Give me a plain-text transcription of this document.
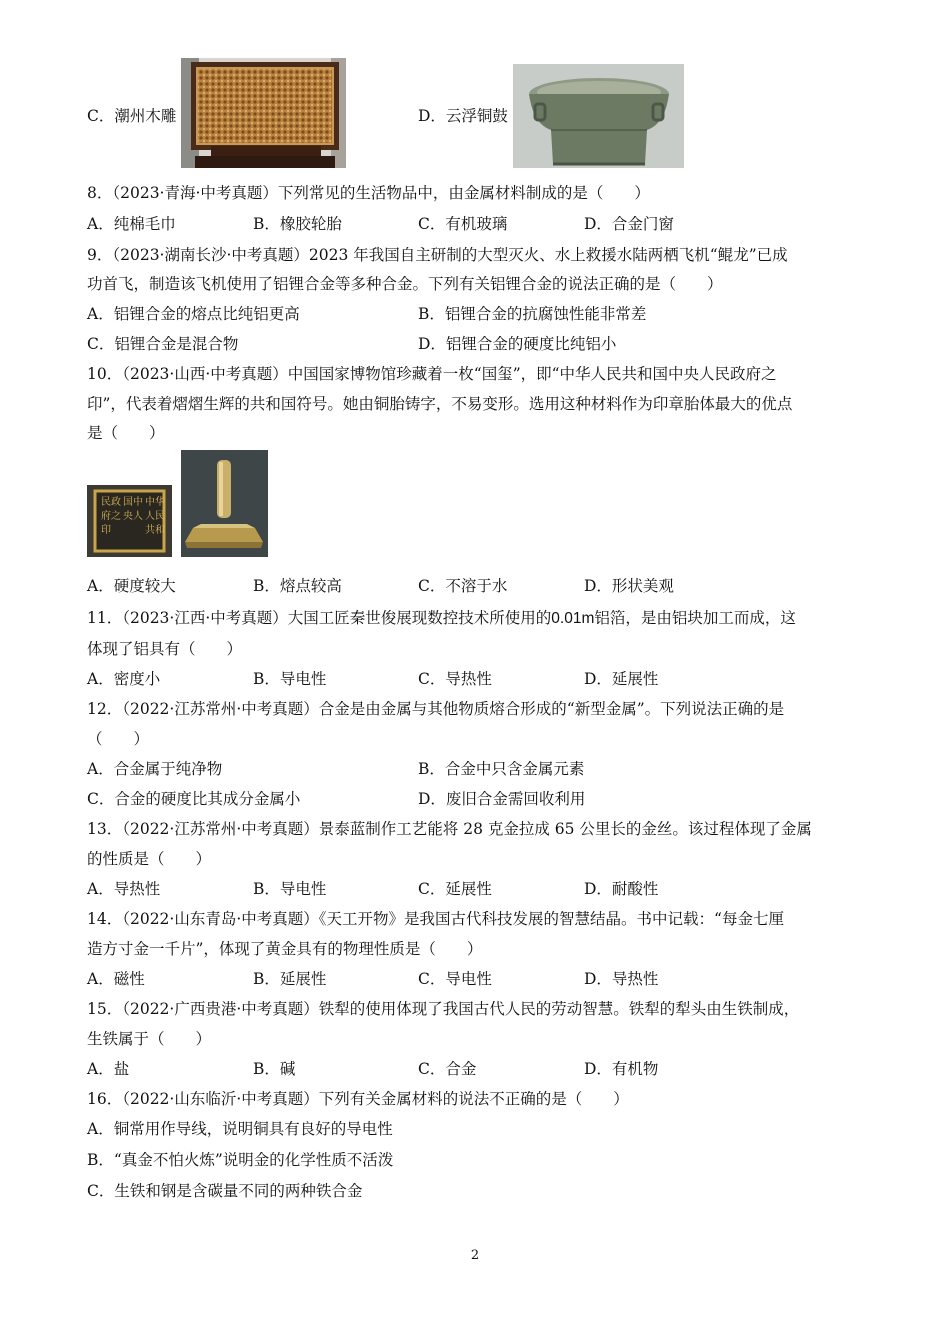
C．潮州木雕	D．云浮铜鼓
8．（2023·青海·中考真题）下列常见的生活物品中，由金属材料制成的是（　　）
A．纯棉毛巾	B．橡胶轮胎	C．有机玻璃	D．合金门窗
9．（2023·湖南长沙·中考真题）2023 年我国自主研制的大型灭火、水上救援水陆两栖飞机“鲲龙”已成
功首飞，制造该飞机使用了铝锂合金等多种合金。下列有关铝锂合金的说法正确的是（　　）
A．铝锂合金的熔点比纯铝更高	B．铝锂合金的抗腐蚀性能非常差
C．铝锂合金是混合物	D．铝锂合金的硬度比纯铝小
10．（2023·山西·中考真题）中国国家博物馆珍藏着一枚“国玺”，即“中华人民共和国中央人民政府之
印”，代表着熠熠生辉的共和国符号。她由铜胎铸字，不易变形。选用这种材料作为印章胎体最大的优点
是（　　）
中华
人民
共和
国中
央人
民政
府之
印
A．硬度较大	B．熔点较高	C．不溶于水	D．形状美观
11．（2023·江西·中考真题）大国工匠秦世俊展现数控技术所使用的0.01m铝箔，是由铝块加工而成，这
体现了铝具有（　　）
A．密度小	B．导电性	C．导热性	D．延展性
12．（2022·江苏常州·中考真题）合金是由金属与其他物质熔合形成的“新型金属”。下列说法正确的是
（　　）
A．合金属于纯净物	B．合金中只含金属元素
C．合金的硬度比其成分金属小	D．废旧合金需回收利用
13．（2022·江苏常州·中考真题）景泰蓝制作工艺能将 28 克金拉成 65 公里长的金丝。该过程体现了金属
的性质是（　　）
A．导热性	B．导电性	C．延展性	D．耐酸性
14．（2022·山东青岛·中考真题）《天工开物》是我国古代科技发展的智慧结晶。书中记载：“每金七厘
造方寸金一千片”，体现了黄金具有的物理性质是（　　）
A．磁性	B．延展性	C．导电性	D．导热性
15．（2022·广西贵港·中考真题）铁犁的使用体现了我国古代人民的劳动智慧。铁犁的犁头由生铁制成，
生铁属于（　　）
A．盐	B．碱	C．合金	D．有机物
16．（2022·山东临沂·中考真题）下列有关金属材料的说法不正确的是（　　）
A．铜常用作导线，说明铜具有良好的导电性
B．“真金不怕火炼”说明金的化学性质不活泼
C．生铁和钢是含碳量不同的两种铁合金
2
